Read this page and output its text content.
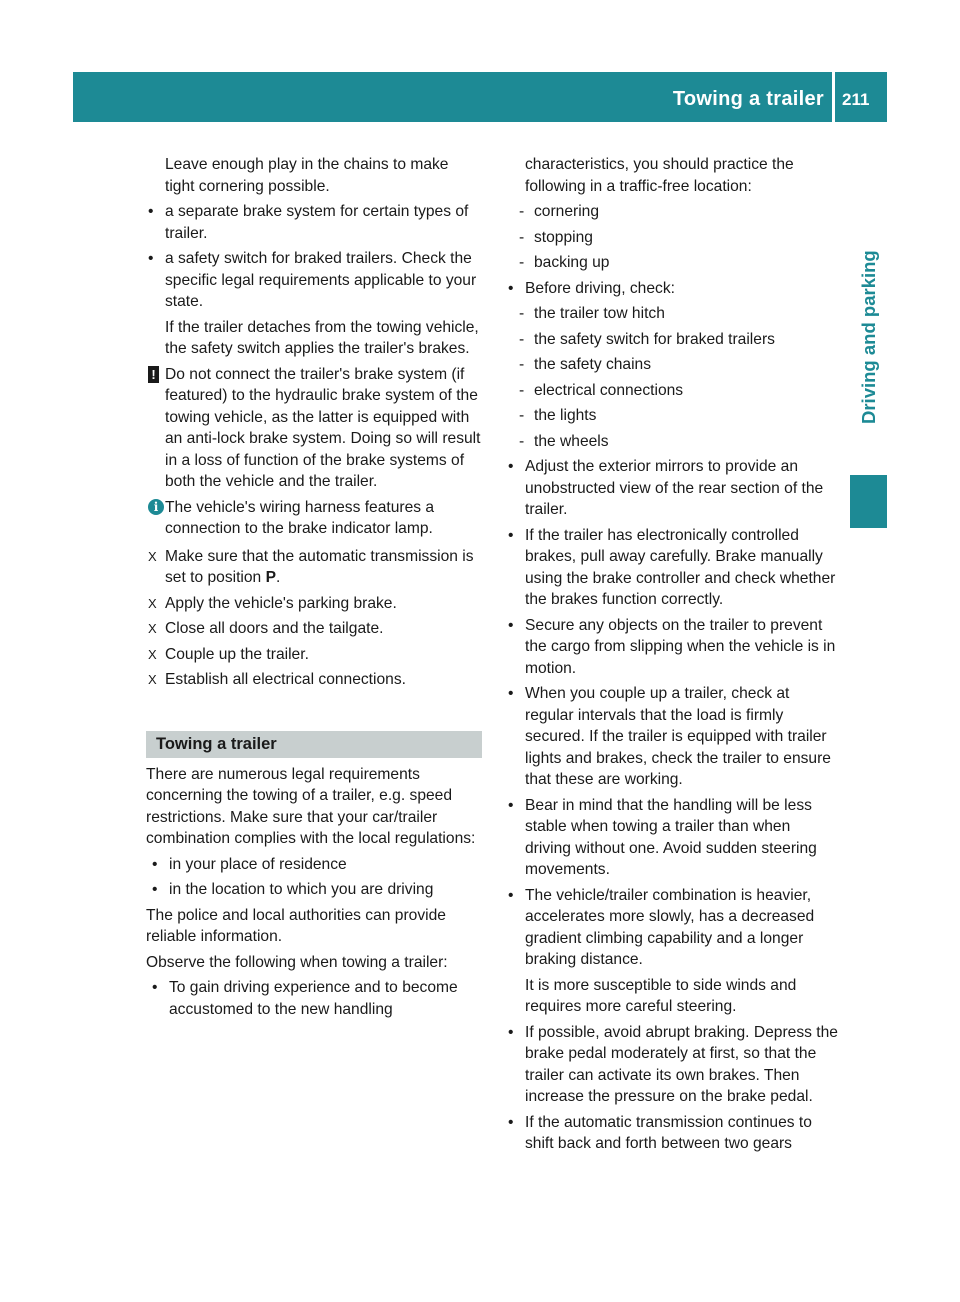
Towing a trailer 211
Driving and parking

Leave enough play in the chains to make tight cornering possible.

• a separate brake system for certain types of trailer.
• a safety switch for braked trailers. Check the specific legal requirements applicable to your state.

If the trailer detaches from the towing vehicle, the safety switch applies the trailer's brakes.

! Do not connect the trailer's brake system (if featured) to the hydraulic brake system of the towing vehicle, as the latter is equipped with an anti-lock brake system. Doing so will result in a loss of function of the brake systems of both the vehicle and the trailer.
i The vehicle's wiring harness features a connection to the brake indicator lamp.
X Make sure that the automatic transmission is set to position P.
X Apply the vehicle's parking brake.
X Close all doors and the tailgate.
X Couple up the trailer.
X Establish all electrical connections.
Towing a trailer

There are numerous legal requirements concerning the towing of a trailer, e.g. speed restrictions. Make sure that your car/trailer combination complies with the local regulations:

• in your place of residence
• in the location to which you are driving

The police and local authorities can provide reliable information.

Observe the following when towing a trailer:

• To gain driving experience and to become accustomed to the new handling

characteristics, you should practice the following in a traffic-free location:

- cornering
- stopping
- backing up
• Before driving, check:
- the trailer tow hitch
- the safety switch for braked trailers
- the safety chains
- electrical connections
- the lights
- the wheels
• Adjust the exterior mirrors to provide an unobstructed view of the rear section of the trailer.
• If the trailer has electronically controlled brakes, pull away carefully. Brake manually using the brake controller and check whether the brakes function correctly.
• Secure any objects on the trailer to prevent the cargo from slipping when the vehicle is in motion.
• When you couple up a trailer, check at regular intervals that the load is firmly secured. If the trailer is equipped with trailer lights and brakes, check the trailer to ensure that these are working.
• Bear in mind that the handling will be less stable when towing a trailer than when driving without one. Avoid sudden steering movements.
• The vehicle/trailer combination is heavier, accelerates more slowly, has a decreased gradient climbing capability and a longer braking distance.

It is more susceptible to side winds and requires more careful steering.

• If possible, avoid abrupt braking. Depress the brake pedal moderately at first, so that the trailer can activate its own brakes. Then increase the pressure on the brake pedal.
• If the automatic transmission continues to shift back and forth between two gears
